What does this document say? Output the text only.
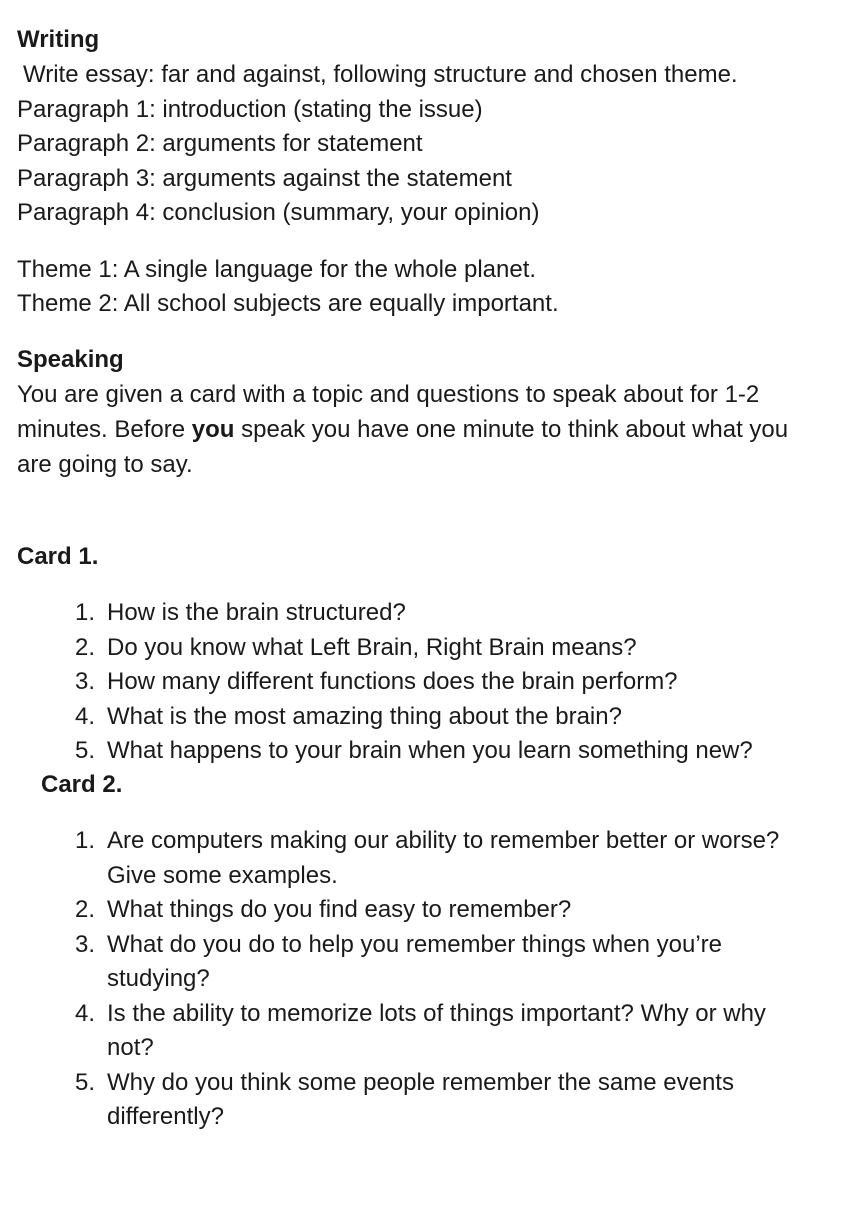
Writing
Write essay: far and against, following structure and chosen theme.
Paragraph 1: introduction (stating the issue)
Paragraph 2: arguments for statement
Paragraph 3: arguments against the statement
Paragraph 4: conclusion (summary, your opinion)
Theme 1: A single language for the whole planet.
Theme 2: All school subjects are equally important.
Speaking
You are given a card with a topic and questions to speak about for 1-2
minutes. Before you speak you have one minute to think about what you
are going to say.
Card 1.
1. How is the brain structured?
2. Do you know what Left Brain, Right Brain means?
3. How many different functions does the brain perform?
4. What is the most amazing thing about the brain?
5. What happens to your brain when you learn something new?
Card 2.
1. Are computers making our ability to remember better or worse?
Give some examples.
2. What things do you find easy to remember?
3. What do you do to help you remember things when you’re
studying?
4. Is the ability to memorize lots of things important? Why or why
not?
5. Why do you think some people remember the same events
differently?
